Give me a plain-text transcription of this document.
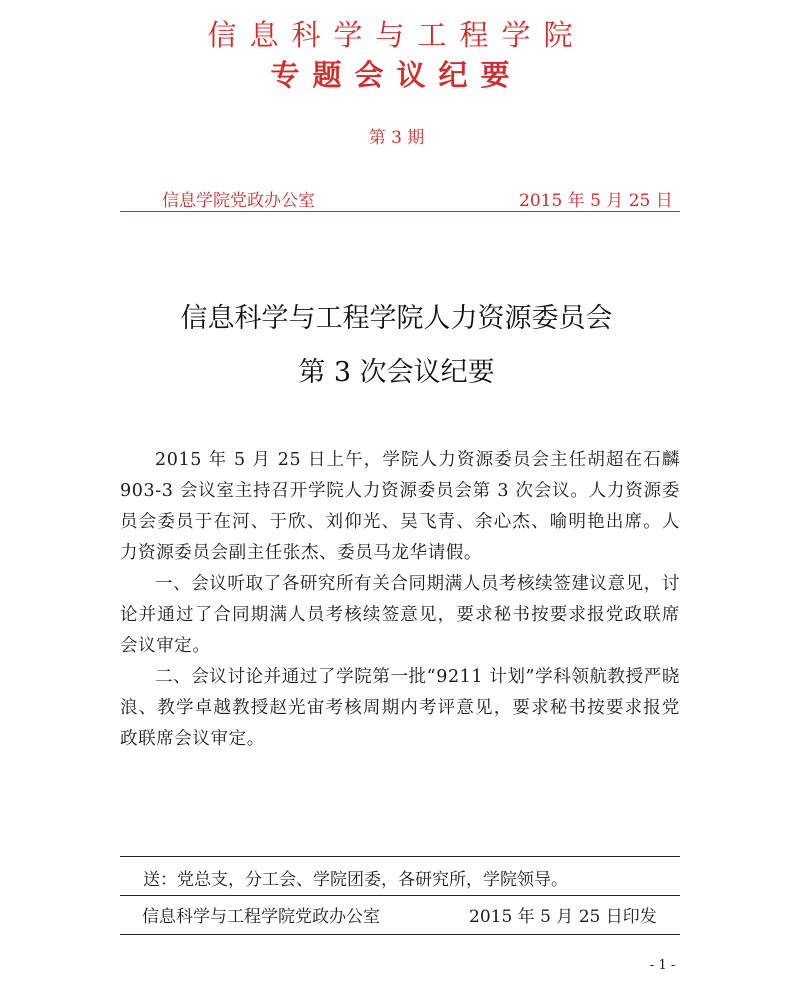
信息科学与工程学院
专题会议纪要
第 3 期
信息学院党政办公室	2015 年 5 月 25 日
信息科学与工程学院人力资源委员会
第 3 次会议纪要

2015 年 5 月 25 日上午，学院人力资源委员会主任胡超在石麟 903-3 会议室主持召开学院人力资源委员会第 3 次会议。人力资源委员会委员于在河、于欣、刘仰光、吴飞青、余心杰、喻明艳出席。人力资源委员会副主任张杰、委员马龙华请假。

一、会议听取了各研究所有关合同期满人员考核续签建议意见，讨论并通过了合同期满人员考核续签意见，要求秘书按要求报党政联席会议审定。

二、会议讨论并通过了学院第一批“9211 计划”学科领航教授严晓浪、教学卓越教授赵光宙考核周期内考评意见，要求秘书按要求报党政联席会议审定。

送：党总支，分工会、学院团委，各研究所，学院领导。
信息科学与工程学院党政办公室	2015 年 5 月 25 日印发
- 1 -
